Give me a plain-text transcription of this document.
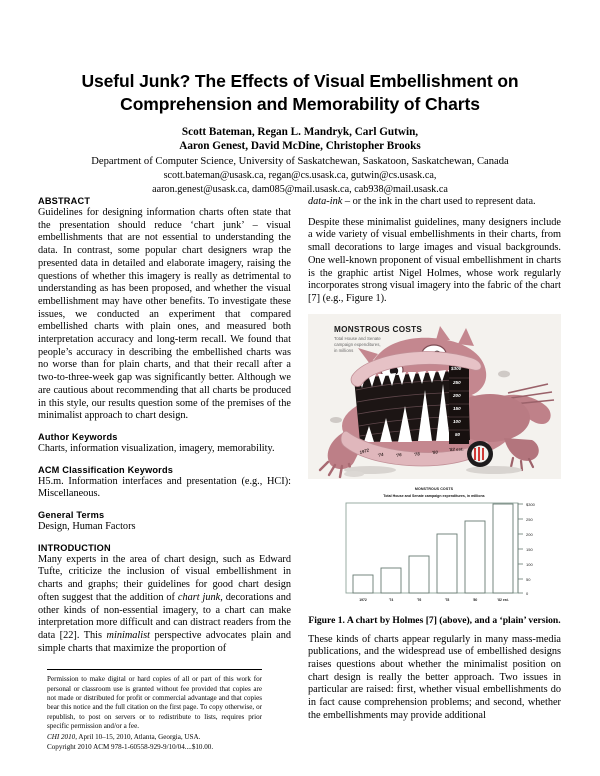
Useful Junk? The Effects of Visual Embellishment on Comprehension and Memorability of Charts
Scott Bateman, Regan L. Mandryk, Carl Gutwin,
Aaron Genest, David McDine, Christopher Brooks
Department of Computer Science, University of Saskatchewan, Saskatoon, Saskatchewan, Canada
scott.bateman@usask.ca, regan@cs.usask.ca, gutwin@cs.usask.ca,
aaron.genest@usask.ca, dam085@mail.usask.ca, cab938@mail.usask.ca
ABSTRACT

Guidelines for designing information charts often state that the presentation should reduce ‘chart junk’ – visual embellishments that are not essential to understanding the data. In contrast, some popular chart designers wrap the presented data in detailed and elaborate imagery, raising the questions of whether this imagery is really as detrimental to understanding as has been proposed, and whether the visual embellishment may have other benefits. To investigate these issues, we conducted an experiment that compared embellished charts with plain ones, and measured both interpretation accuracy and long-term recall. We found that people’s accuracy in describing the embellished charts was no worse than for plain charts, and that their recall after a two-to-three-week gap was significantly better. Although we are cautious about recommending that all charts be produced in this style, our results question some of the premises of the minimalist approach to chart design.

Author Keywords

Charts, information visualization, imagery, memorability.

ACM Classification Keywords

H5.m. Information interfaces and presentation (e.g., HCI): Miscellaneous.

General Terms

Design, Human Factors

INTRODUCTION

Many experts in the area of chart design, such as Edward Tufte, criticize the inclusion of visual embellishment in charts and graphs; their guidelines for good chart design often suggest that the addition of chart junk, decorations and other kinds of non-essential imagery, to a chart can make interpretation more difficult and can distract readers from the data [22]. This minimalist perspective advocates plain and simple charts that maximize the proportion of

Permission to make digital or hard copies of all or part of this work for personal or classroom use is granted without fee provided that copies are not made or distributed for profit or commercial advantage and that copies bear this notice and the full citation on the first page. To copy otherwise, or republish, to post on servers or to redistribute to lists, requires prior specific permission and/or a fee.

CHI 2010, April 10–15, 2010, Atlanta, Georgia, USA.

Copyright 2010 ACM 978-1-60558-929-9/10/04....$10.00.

data-ink – or the ink in the chart used to represent data.

Despite these minimalist guidelines, many designers include a wide variety of visual embellishments in their charts, from small decorations to large images and visual backgrounds. One well-known proponent of visual embellishment in charts is the graphic artist Nigel Holmes, whose work regularly incorporates strong visual imagery into the fabric of the chart [7] (e.g., Figure 1).

$300
250
200
150
100
50
1972 '74	'76	'78	'80
'82 est.
MONSTROUS COSTS
Total House and Senate
campaign expenditures,
in millions
MONSTROUS COSTS
Total House and Senate campaign expenditures, in millions
$300
250
200
150
100
50
0
1972	'74	'76	'78	'80	'82 est.
Figure 1. A chart by Holmes [7] (above), and a ‘plain’ version.

These kinds of charts appear regularly in many mass-media publications, and the widespread use of embellished designs raises questions about whether the minimalist position on chart design is really the better approach. Two issues in particular are raised: first, whether visual embellishments do in fact cause comprehension problems; and second, whether the embellishments may provide additional
